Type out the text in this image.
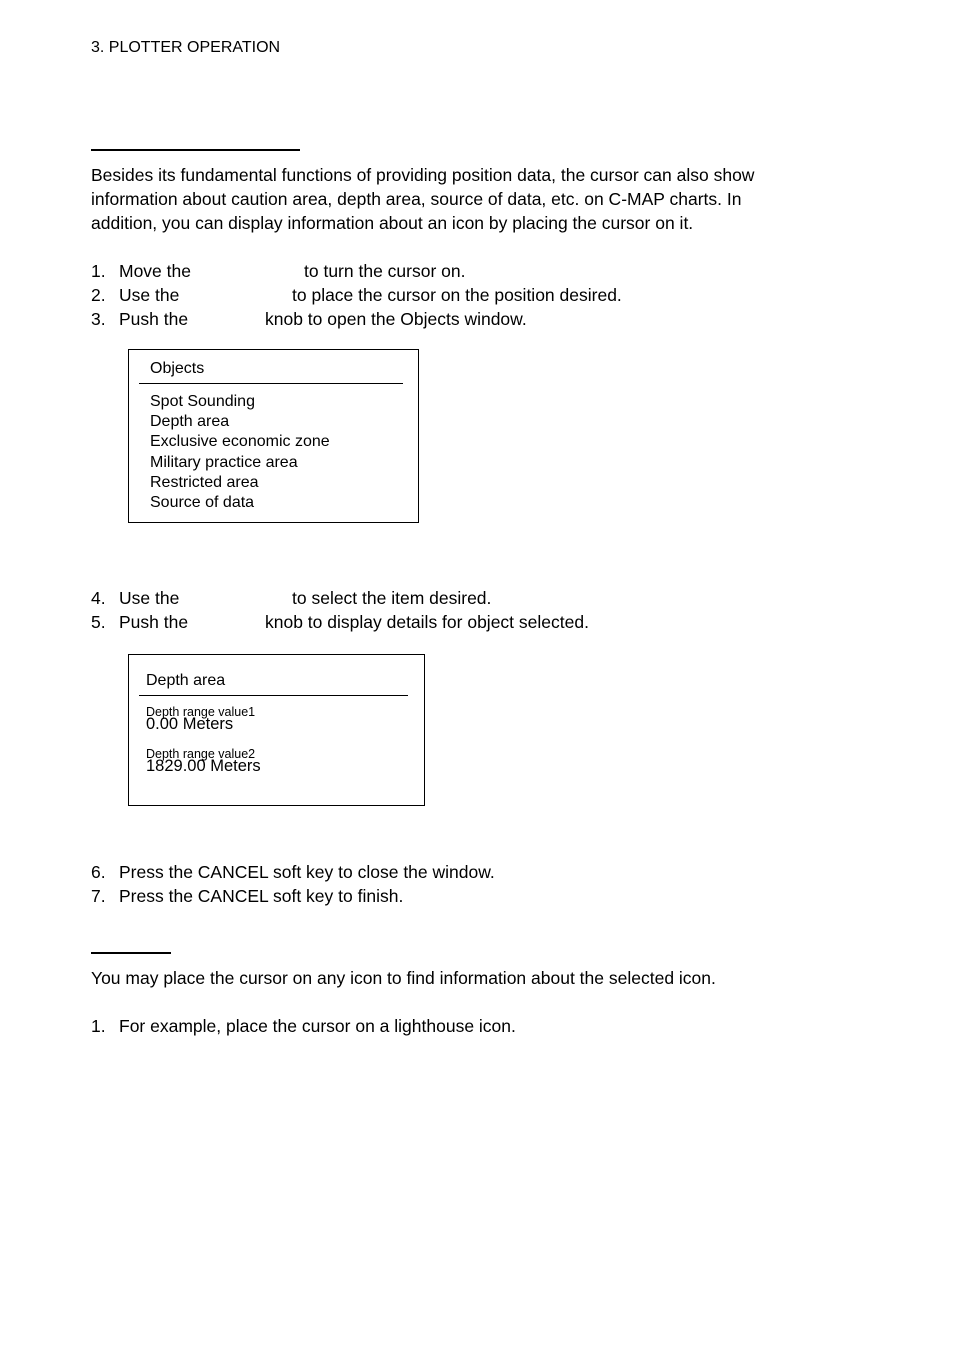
3. PLOTTER OPERATION
Besides its fundamental functions of providing position data, the cursor can also show
information about caution area, depth area, source of data, etc. on C-MAP charts. In
addition, you can display information about an icon by placing the cursor on it.
1. Move the	to turn the cursor on.
2. Use the	to place the cursor on the position desired.
3. Push the	knob to open the Objects window.
Objects
Spot Sounding
Depth area
Exclusive economic zone
Military practice area
Restricted area
Source of data
4. Use the	to select the item desired.
5. Push the	knob to display details for object selected.
Depth area
Depth range value1
0.00 Meters
Depth range value2
1829.00 Meters
6. Press the CANCEL soft key to close the window.
7. Press the CANCEL soft key to finish.
You may place the cursor on any icon to find information about the selected icon.
1. For example, place the cursor on a lighthouse icon.
